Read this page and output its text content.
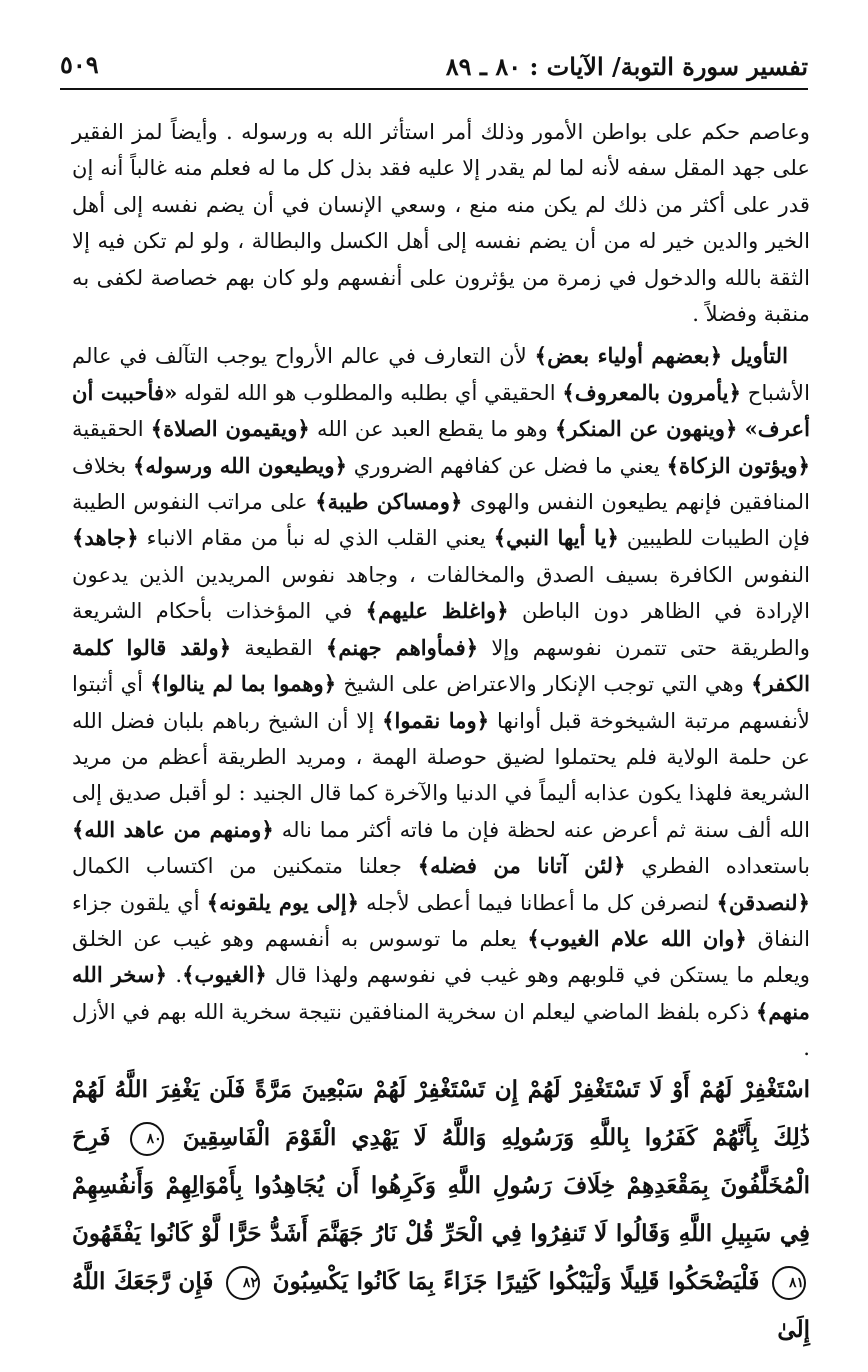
تفسير سورة التوبة/ الآيات : ٨٠ ـ ٨٩
٥٠٩

وعاصم حكم على بواطن الأمور وذلك أمر استأثر الله به ورسوله . وأيضاً لمز الفقير على جهد المقل سفه لأنه لما لم يقدر إلا عليه فقد بذل كل ما له فعلم منه غالباً أنه إن قدر على أكثر من ذلك لم يكن منه منع ، وسعي الإنسان في أن يضم نفسه إلى أهل الخير والدين خير له من أن يضم نفسه إلى أهل الكسل والبطالة ، ولو لم تكن فيه إلا الثقة بالله والدخول في زمرة من يؤثرون على أنفسهم ولو كان بهم خصاصة لكفى به منقبة وفضلاً .

التأويل ﴿بعضهم أولياء بعض﴾ لأن التعارف في عالم الأرواح يوجب التآلف في عالم الأشباح ﴿يأمرون بالمعروف﴾ الحقيقي أي بطلبه والمطلوب هو الله لقوله «فأحببت أن أعرف» ﴿وينهون عن المنكر﴾ وهو ما يقطع العبد عن الله ﴿ويقيمون الصلاة﴾ الحقيقية ﴿ويؤتون الزكاة﴾ يعني ما فضل عن كفافهم الضروري ﴿ويطيعون الله ورسوله﴾ بخلاف المنافقين فإنهم يطيعون النفس والهوى ﴿ومساكن طيبة﴾ على مراتب النفوس الطيبة فإن الطيبات للطيبين ﴿يا أيها النبي﴾ يعني القلب الذي له نبأ من مقام الانباء ﴿جاهد﴾ النفوس الكافرة بسيف الصدق والمخالفات ، وجاهد نفوس المريدين الذين يدعون الإرادة في الظاهر دون الباطن ﴿واغلظ عليهم﴾ في المؤخذات بأحكام الشريعة والطريقة حتى تتمرن نفوسهم وإلا ﴿فمأواهم جهنم﴾ القطيعة ﴿ولقد قالوا كلمة الكفر﴾ وهي التي توجب الإنكار والاعتراض على الشيخ ﴿وهموا بما لم ينالوا﴾ أي أثبتوا لأنفسهم مرتبة الشيخوخة قبل أوانها ﴿وما نقموا﴾ إلا أن الشيخ رباهم بلبان فضل الله عن حلمة الولاية فلم يحتملوا لضيق حوصلة الهمة ، ومريد الطريقة أعظم من مريد الشريعة فلهذا يكون عذابه أليماً في الدنيا والآخرة كما قال الجنيد : لو أقبل صديق إلى الله ألف سنة ثم أعرض عنه لحظة فإن ما فاته أكثر مما ناله ﴿ومنهم من عاهد الله﴾ باستعداده الفطري ﴿لئن آتانا من فضله﴾ جعلنا متمكنين من اكتساب الكمال ﴿لنصدقن﴾ لنصرفن كل ما أعطانا فيما أعطى لأجله ﴿إلى يوم يلقونه﴾ أي يلقون جزاء النفاق ﴿وان الله علام الغيوب﴾ يعلم ما توسوس به أنفسهم وهو غيب عن الخلق ويعلم ما يستكن في قلوبهم وهو غيب في نفوسهم ولهذا قال ﴿الغيوب﴾. ﴿سخر الله منهم﴾ ذكره بلفظ الماضي ليعلم ان سخرية المنافقين نتيجة سخرية الله بهم في الأزل .

اسْتَغْفِرْ لَهُمْ أَوْ لَا تَسْتَغْفِرْ لَهُمْ إِن تَسْتَغْفِرْ لَهُمْ سَبْعِينَ مَرَّةً فَلَن يَغْفِرَ اللَّهُ لَهُمْ ذَٰلِكَ بِأَنَّهُمْ كَفَرُوا بِاللَّهِ وَرَسُولِهِ وَاللَّهُ لَا يَهْدِي الْقَوْمَ الْفَاسِقِينَ ٨٠ فَرِحَ الْمُخَلَّفُونَ بِمَقْعَدِهِمْ خِلَافَ رَسُولِ اللَّهِ وَكَرِهُوا أَن يُجَاهِدُوا بِأَمْوَالِهِمْ وَأَنفُسِهِمْ فِي سَبِيلِ اللَّهِ وَقَالُوا لَا تَنفِرُوا فِي الْحَرِّ قُلْ نَارُ جَهَنَّمَ أَشَدُّ حَرًّا لَّوْ كَانُوا يَفْقَهُونَ ٨١ فَلْيَضْحَكُوا قَلِيلًا وَلْيَبْكُوا كَثِيرًا جَزَاءً بِمَا كَانُوا يَكْسِبُونَ ٨٢ فَإِن رَّجَعَكَ اللَّهُ إِلَىٰ
